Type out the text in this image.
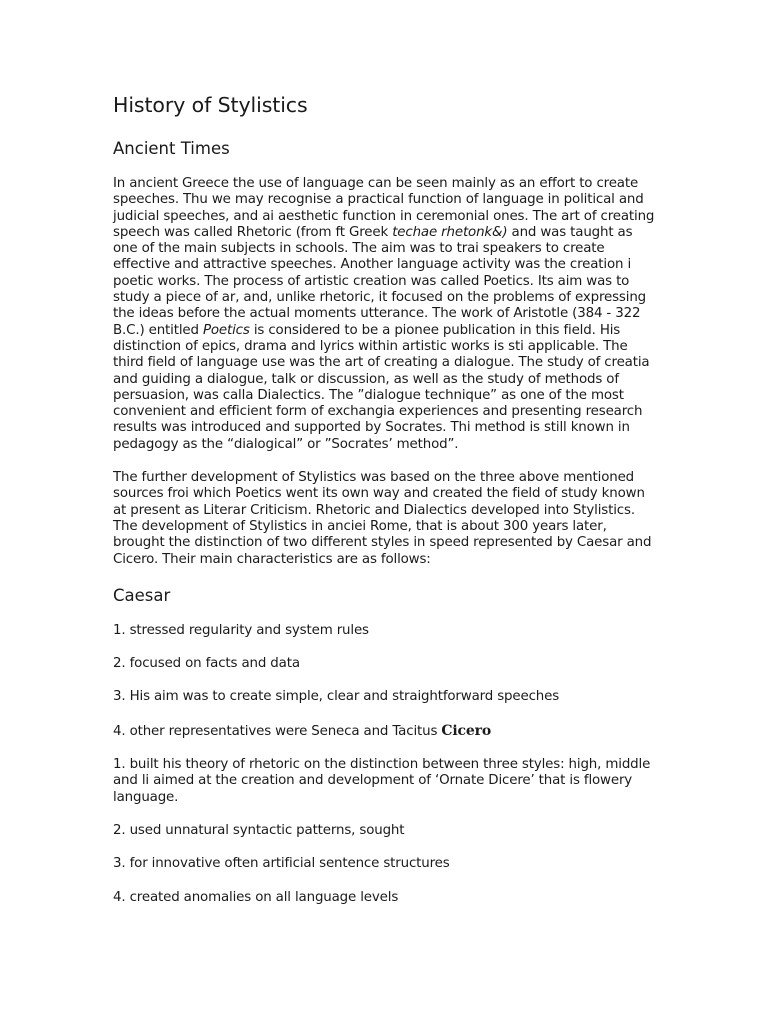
History of Stylistics
Ancient Times

In ancient Greece the use of language can be seen mainly as an effort to create speeches. Thu we may recognise a practical function of language in political and judicial speeches, and ai aesthetic function in ceremonial ones. The art of creating speech was called Rhetoric (from ft Greek techae rhetonk&) and was taught as one of the main subjects in schools. The aim was to trai speakers to create effective and attractive speeches. Another language activity was the creation i poetic works. The process of artistic creation was called Poetics. Its aim was to study a piece of ar, and, unlike rhetoric, it focused on the problems of expressing the ideas before the actual moments utterance. The work of Aristotle (384 - 322 B.C.) entitled Poetics is considered to be a pionee publication in this field. His distinction of epics, drama and lyrics within artistic works is sti applicable. The third field of language use was the art of creating a dialogue. The study of creatia and guiding a dialogue, talk or discussion, as well as the study of methods of persuasion, was calla Dialectics. The ”dialogue technique” as one of the most convenient and efficient form of exchangia experiences and presenting research results was introduced and supported by Socrates. Thi method is still known in pedagogy as the “dialogical” or ”Socrates’ method”.

The further development of Stylistics was based on the three above mentioned sources froi which Poetics went its own way and created the field of study known at present as Literar Criticism. Rhetoric and Dialectics developed into Stylistics. The development of Stylistics in anciei Rome, that is about 300 years later, brought the distinction of two different styles in speed represented by Caesar and Cicero. Their main characteristics are as follows:

Caesar

1. stressed regularity and system rules

2. focused on facts and data

3. His aim was to create simple, clear and straightforward speeches

4. other representatives were Seneca and Tacitus Cicero

1. built his theory of rhetoric on the distinction between three styles: high, middle and li aimed at the creation and development of ‘Ornate Dicere’ that is flowery language.

2. used unnatural syntactic patterns, sought

3. for innovative often artificial sentence structures

4. created anomalies on all language levels
